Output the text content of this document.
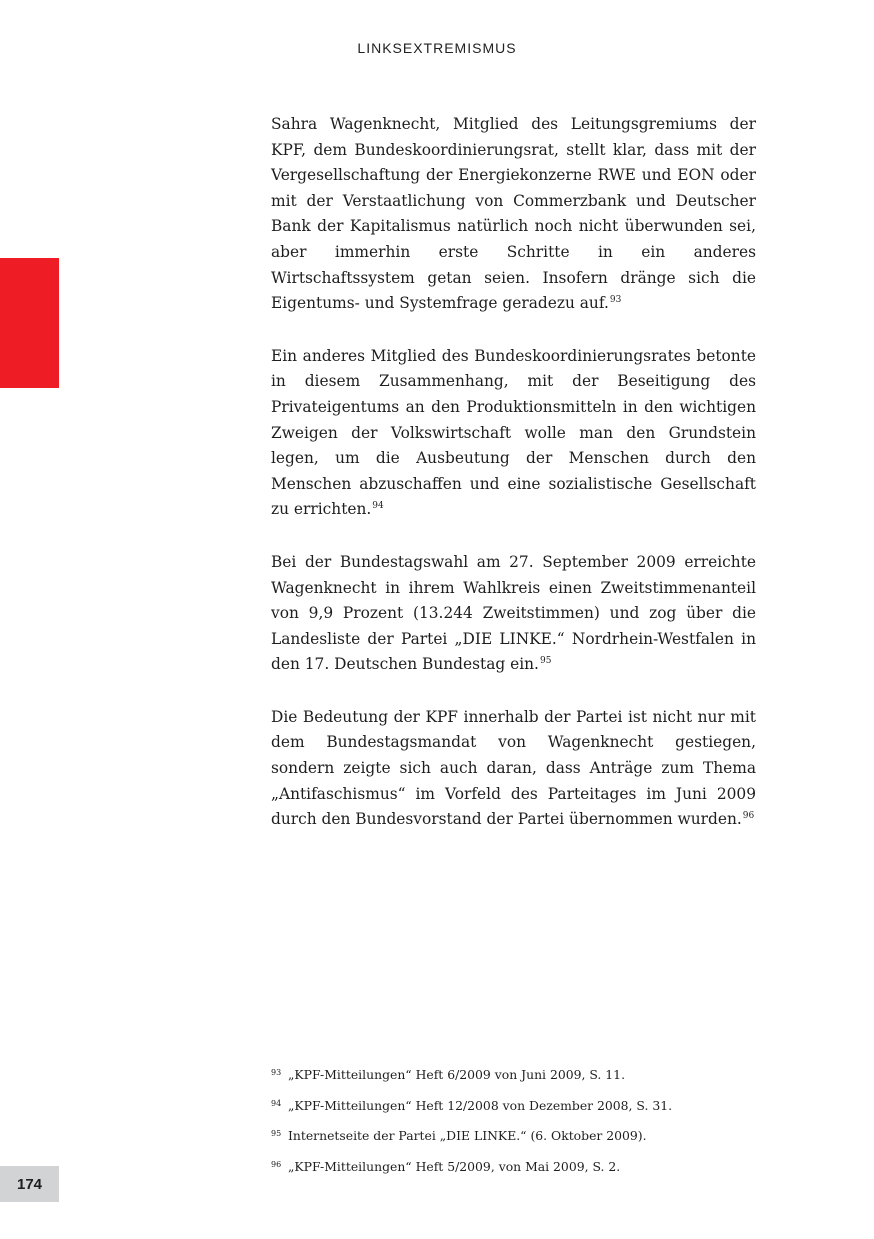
LINKSEXTREMISMUS

Sahra Wagenknecht, Mitglied des Leitungsgremiums der KPF, dem Bundeskoordinierungsrat, stellt klar, dass mit der Vergesellschaftung der Energiekonzerne RWE und EON oder mit der Verstaatlichung von Commerzbank und Deutscher Bank der Kapitalismus natürlich noch nicht überwunden sei, aber immerhin erste Schritte in ein anderes Wirtschaftssystem getan seien. Insofern dränge sich die Eigentums- und Systemfrage geradezu auf.$^{93}$

Ein anderes Mitglied des Bundeskoordinierungsrates betonte in diesem Zusammenhang, mit der Beseitigung des Privateigentums an den Produktionsmitteln in den wichtigen Zweigen der Volkswirtschaft wolle man den Grundstein legen, um die Ausbeutung der Menschen durch den Menschen abzuschaffen und eine sozialistische Gesellschaft zu errichten.$^{94}$

Bei der Bundestagswahl am 27. September 2009 erreichte Wagenknecht in ihrem Wahlkreis einen Zweitstimmenanteil von 9,9 Prozent (13.244 Zweitstimmen) und zog über die Landesliste der Partei „DIE LINKE.“ Nordrhein-Westfalen in den 17. Deutschen Bundestag ein.$^{95}$

Die Bedeutung der KPF innerhalb der Partei ist nicht nur mit dem Bundestagsmandat von Wagenknecht gestiegen, sondern zeigte sich auch daran, dass Anträge zum Thema „Antifaschismus“ im Vorfeld des Parteitages im Juni 2009 durch den Bundesvorstand der Partei übernommen wurden.$^{96}$

93 „KPF-Mitteilungen“ Heft 6/2009 von Juni 2009, S. 11.
94 „KPF-Mitteilungen“ Heft 12/2008 von Dezember 2008, S. 31.
95 Internetseite der Partei „DIE LINKE.“ (6. Oktober 2009).
96 „KPF-Mitteilungen“ Heft 5/2009, von Mai 2009, S. 2.
174
